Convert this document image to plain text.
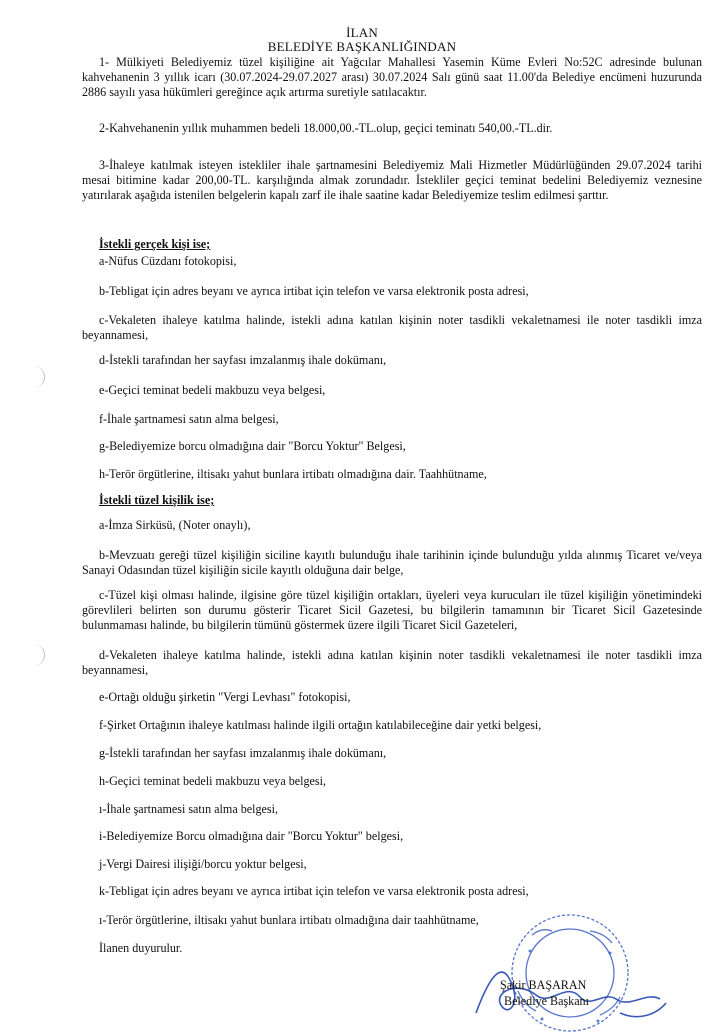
İLAN
BELEDİYE BAŞKANLIĞINDAN
1- Mülkiyeti Belediyemiz tüzel kişiliğine ait Yağcılar Mahallesi Yasemin Küme Evleri No:52C adresinde bulunan kahvehanenin 3 yıllık icarı (30.07.2024-29.07.2027 arası) 30.07.2024 Salı günü saat 11.00'da Belediye encümeni huzurunda 2886 sayılı yasa hükümleri gereğince açık artırma suretiyle satılacaktır.
2-Kahvehanenin yıllık muhammen bedeli 18.000,00.-TL.olup, geçici teminatı 540,00.-TL.dir.
3-İhaleye katılmak isteyen istekliler ihale şartnamesini Belediyemiz Mali Hizmetler Müdürlüğünden 29.07.2024 tarihi mesai bitimine kadar 200,00-TL. karşılığında almak zorundadır. İstekliler geçici teminat bedelini Belediyemiz veznesine yatırılarak aşağıda istenilen belgelerin kapalı zarf ile ihale saatine kadar Belediyemize teslim edilmesi şarttır.
İstekli gerçek kişi ise;
a-Nüfus Cüzdanı fotokopisi,
b-Tebligat için adres beyanı ve ayrıca irtibat için telefon ve varsa elektronik posta adresi,
c-Vekaleten ihaleye katılma halinde, istekli adına katılan kişinin noter tasdikli vekaletnamesi ile noter tasdikli imza beyannamesi,
d-İstekli tarafından her sayfası imzalanmış ihale dokümanı,
e-Geçici teminat bedeli makbuzu veya belgesi,
f-İhale şartnamesi satın alma belgesi,
g-Belediyemize borcu olmadığına dair "Borcu Yoktur" Belgesi,
h-Terör örgütlerine, iltisakı yahut bunlara irtibatı olmadığına dair. Taahhütname,
İstekli tüzel kişilik ise;
a-İmza Sirküsü, (Noter onaylı),
b-Mevzuatı gereği tüzel kişiliğin siciline kayıtlı bulunduğu ihale tarihinin içinde bulunduğu yılda alınmış Ticaret ve/veya Sanayi Odasından tüzel kişiliğin sicile kayıtlı olduğuna dair belge,
c-Tüzel kişi olması halinde, ilgisine göre tüzel kişiliğin ortakları, üyeleri veya kurucuları ile tüzel kişiliğin yönetimindeki görevlileri belirten son durumu gösterir Ticaret Sicil Gazetesi, bu bilgilerin tamamının bir Ticaret Sicil Gazetesinde bulunmaması halinde, bu bilgilerin tümünü göstermek üzere ilgili Ticaret Sicil Gazeteleri,
d-Vekaleten ihaleye katılma halinde, istekli adına katılan kişinin noter tasdikli vekaletnamesi ile noter tasdikli imza beyannamesi,
e-Ortağı olduğu şirketin "Vergi Levhası" fotokopisi,
f-Şirket Ortağının ihaleye katılması halinde ilgili ortağın katılabileceğine dair yetki belgesi,
g-İstekli tarafından her sayfası imzalanmış ihale dokümanı,
h-Geçici teminat bedeli makbuzu veya belgesi,
ı-İhale şartnamesi satın alma belgesi,
i-Belediyemize Borcu olmadığına dair "Borcu Yoktur" belgesi,
j-Vergi Dairesi ilişiği/borcu yoktur belgesi,
k-Tebligat için adres beyanı ve ayrıca irtibat için telefon ve varsa elektronik posta adresi,
ı-Terör örgütlerine, iltisakı yahut bunlara irtibatı olmadığına dair taahhütname,
İlanen duyurulur.
Şakir BAŞARAN
Belediye Başkanı
